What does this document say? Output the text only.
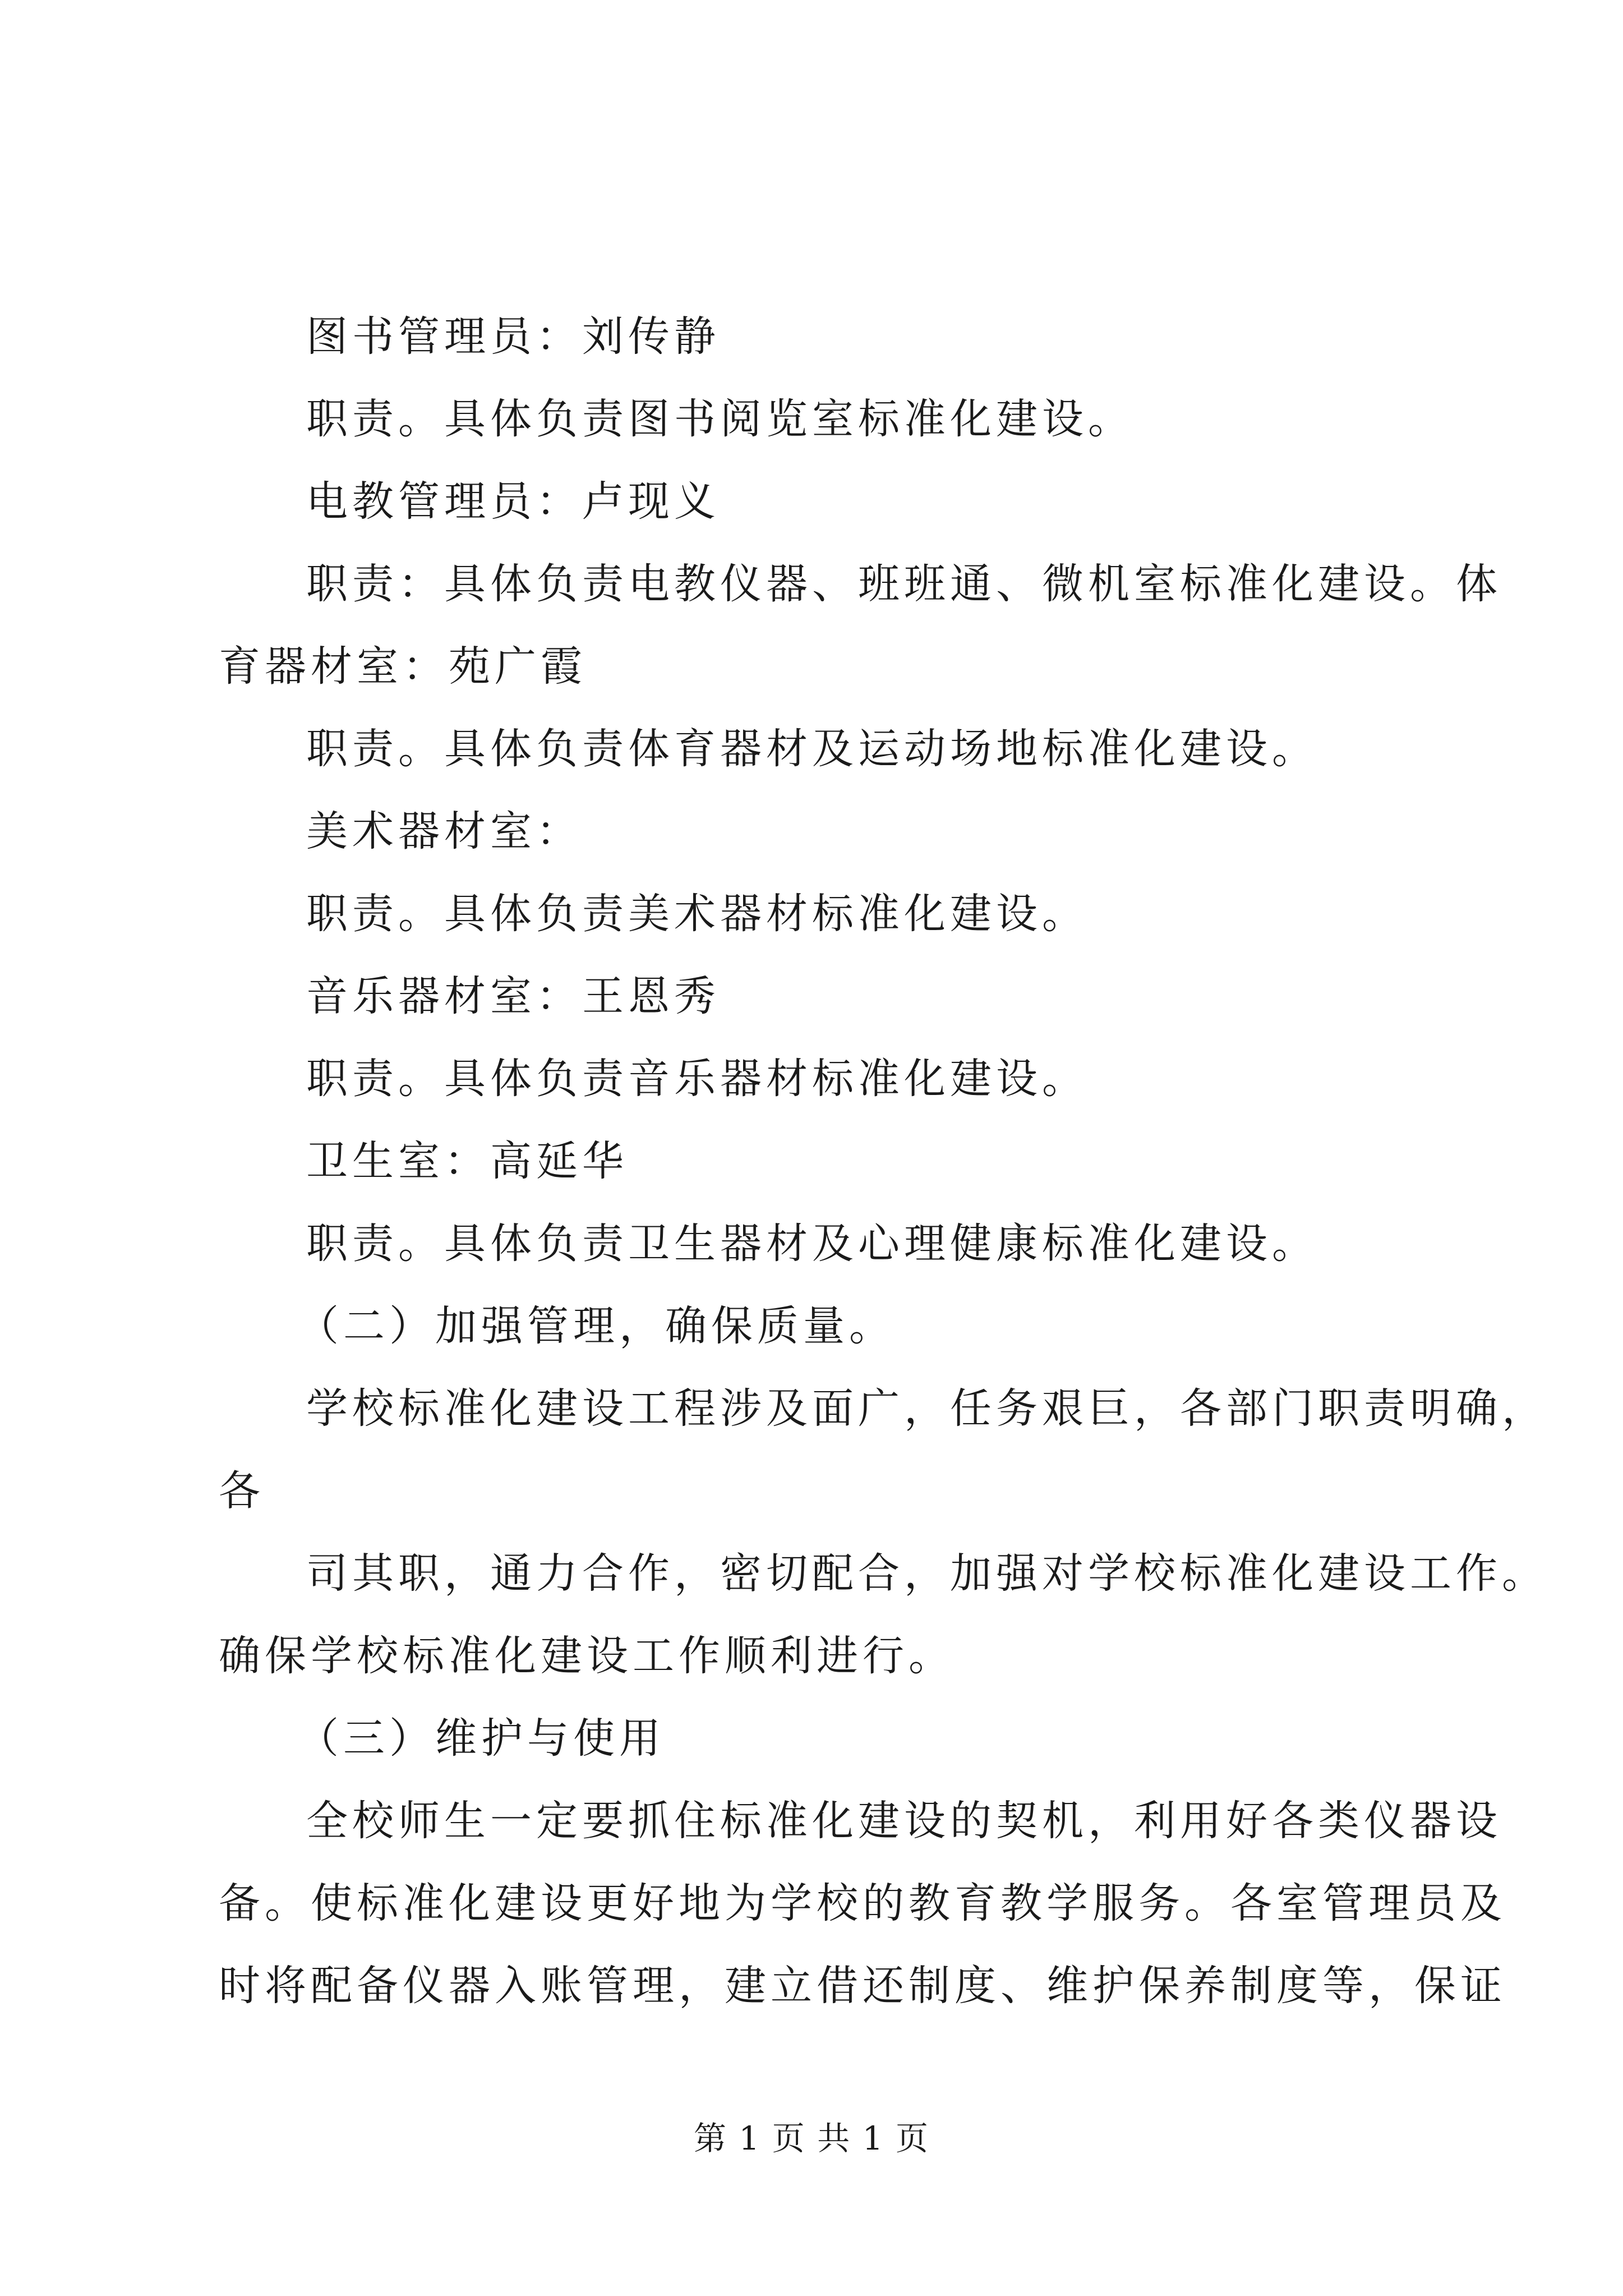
图书管理员：刘传静
职责。具体负责图书阅览室标准化建设。
电教管理员：卢现义
职责：具体负责电教仪器、班班通、微机室标准化建设。体
育器材室：苑广霞
职责。具体负责体育器材及运动场地标准化建设。
美术器材室：
职责。具体负责美术器材标准化建设。
音乐器材室：王恩秀
职责。具体负责音乐器材标准化建设。
卫生室：高延华
职责。具体负责卫生器材及心理健康标准化建设。
（二）加强管理，确保质量。
学校标准化建设工程涉及面广，任务艰巨，各部门职责明确，
各
司其职，通力合作，密切配合，加强对学校标准化建设工作。
确保学校标准化建设工作顺利进行。
（三）维护与使用
全校师生一定要抓住标准化建设的契机，利用好各类仪器设
备。使标准化建设更好地为学校的教育教学服务。各室管理员及
时将配备仪器入账管理，建立借还制度、维护保养制度等，保证
第 1 页 共 1 页
